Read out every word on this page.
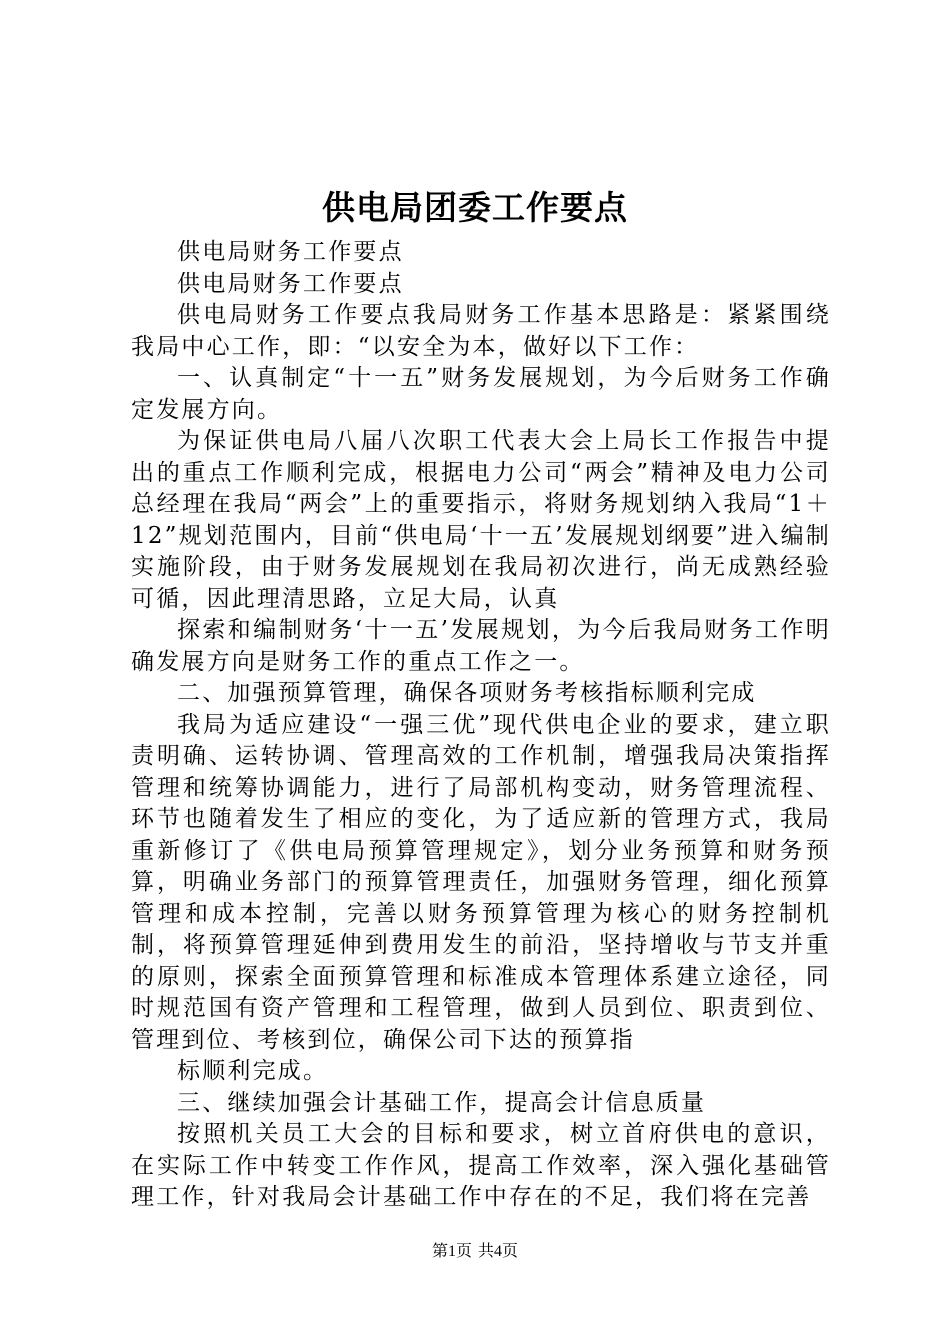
供电局团委工作要点

供电局财务工作要点

供电局财务工作要点

供电局财务工作要点我局财务工作基本思路是：紧紧围绕我局中心工作，即：“以安全为本，做好以下工作：

一、认真制定“十一五”财务发展规划，为今后财务工作确定发展方向。

为保证供电局八届八次职工代表大会上局长工作报告中提出的重点工作顺利完成，根据电力公司“两会”精神及电力公司总经理在我局“两会”上的重要指示，将财务规划纳入我局“1＋12”规划范围内，目前“供电局‘十一五’发展规划纲要”进入编制实施阶段，由于财务发展规划在我局初次进行，尚无成熟经验可循，因此理清思路，立足大局，认真

探索和编制财务‘十一五’发展规划，为今后我局财务工作明确发展方向是财务工作的重点工作之一。

二、加强预算管理，确保各项财务考核指标顺利完成

我局为适应建设“一强三优”现代供电企业的要求，建立职责明确、运转协调、管理高效的工作机制，增强我局决策指挥管理和统筹协调能力，进行了局部机构变动，财务管理流程、环节也随着发生了相应的变化，为了适应新的管理方式，我局重新修订了《供电局预算管理规定》，划分业务预算和财务预算，明确业务部门的预算管理责任，加强财务管理，细化预算管理和成本控制，完善以财务预算管理为核心的财务控制机制，将预算管理延伸到费用发生的前沿，坚持增收与节支并重的原则，探索全面预算管理和标准成本管理体系建立途径，同时规范国有资产管理和工程管理，做到人员到位、职责到位、管理到位、考核到位，确保公司下达的预算指

标顺利完成。

三、继续加强会计基础工作，提高会计信息质量

按照机关员工大会的目标和要求，树立首府供电的意识，在实际工作中转变工作作风，提高工作效率，深入强化基础管理工作，针对我局会计基础工作中存在的不足，我们将在完善

第1页 共4页
